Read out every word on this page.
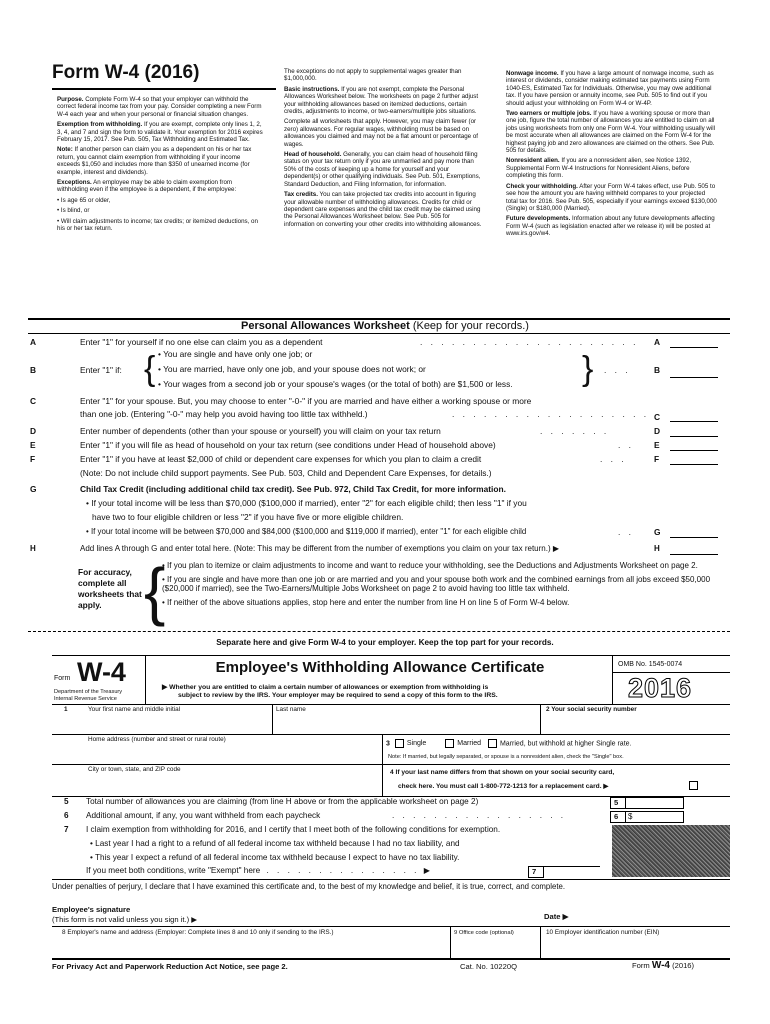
Form W-4 (2016)

Purpose. Complete Form W-4 so that your employer can withhold the correct federal income tax from your pay. Consider completing a new Form W-4 each year and when your personal or financial situation changes.

Exemption from withholding. If you are exempt, complete only lines 1, 2, 3, 4, and 7 and sign the form to validate it. Your exemption for 2016 expires February 15, 2017. See Pub. 505, Tax Withholding and Estimated Tax.

Note: If another person can claim you as a dependent on his or her tax return, you cannot claim exemption from withholding if your income exceeds $1,050 and includes more than $350 of unearned income (for example, interest and dividends).

Exceptions. An employee may be able to claim exemption from withholding even if the employee is a dependent, if the employee:

• Is age 65 or older,

• Is blind, or

• Will claim adjustments to income; tax credits; or itemized deductions, on his or her tax return.

The exceptions do not apply to supplemental wages greater than $1,000,000.

Basic instructions. If you are not exempt, complete the Personal Allowances Worksheet below. The worksheets on page 2 further adjust your withholding allowances based on itemized deductions, certain credits, adjustments to income, or two-earners/multiple jobs situations.

Complete all worksheets that apply. However, you may claim fewer (or zero) allowances. For regular wages, withholding must be based on allowances you claimed and may not be a flat amount or percentage of wages.

Head of household. Generally, you can claim head of household filing status on your tax return only if you are unmarried and pay more than 50% of the costs of keeping up a home for yourself and your dependent(s) or other qualifying individuals. See Pub. 501, Exemptions, Standard Deduction, and Filing Information, for information.

Tax credits. You can take projected tax credits into account in figuring your allowable number of withholding allowances. Credits for child or dependent care expenses and the child tax credit may be claimed using the Personal Allowances Worksheet below. See Pub. 505 for information on converting your other credits into withholding allowances.

Nonwage income. If you have a large amount of nonwage income, such as interest or dividends, consider making estimated tax payments using Form 1040-ES, Estimated Tax for Individuals. Otherwise, you may owe additional tax. If you have pension or annuity income, see Pub. 505 to find out if you should adjust your withholding on Form W-4 or W-4P.

Two earners or multiple jobs. If you have a working spouse or more than one job, figure the total number of allowances you are entitled to claim on all jobs using worksheets from only one Form W-4. Your withholding usually will be most accurate when all allowances are claimed on the Form W-4 for the highest paying job and zero allowances are claimed on the others. See Pub. 505 for details.

Nonresident alien. If you are a nonresident alien, see Notice 1392, Supplemental Form W-4 Instructions for Nonresident Aliens, before completing this form.

Check your withholding. After your Form W-4 takes effect, use Pub. 505 to see how the amount you are having withheld compares to your projected total tax for 2016. See Pub. 505, especially if your earnings exceed $130,000 (Single) or $180,000 (Married).

Future developments. Information about any future developments affecting Form W-4 (such as legislation enacted after we release it) will be posted at www.irs.gov/w4.

Personal Allowances Worksheet (Keep for your records.)
A	Enter "1" for yourself if no one else can claim you as a dependent	. . . . . . . . . . . . . . . . . . . . . A
B	Enter "1" if: { • You are single and have only one job; or
• You are married, have only one job, and your spouse does not work; or
• Your wages from a second job or your spouse's wages (or the total of both) are $1,500 or less. } . . .	B
C	Enter "1" for your spouse. But, you may choose to enter "-0-" if you are married and have either a working spouse or more
than one job. (Entering "-0-" may help you avoid having too little tax withheld.)	. . . . . . . . . . . . . . . . . . . C
D	Enter number of dependents (other than your spouse or yourself) you will claim on your tax return	. . . . . . .	D
E	Enter "1" if you will file as head of household on your tax return (see conditions under Head of household above)	. . E
F	Enter "1" if you have at least $2,000 of child or dependent care expenses for which you plan to claim a credit	. . .	F
(Note: Do not include child support payments. See Pub. 503, Child and Dependent Care Expenses, for details.)
G	Child Tax Credit (including additional child tax credit). See Pub. 972, Child Tax Credit, for more information.
• If your total income will be less than $70,000 ($100,000 if married), enter "2" for each eligible child; then less "1" if you
have two to four eligible children or less "2" if you have five or more eligible children.
• If your total income will be between $70,000 and $84,000 ($100,000 and $119,000 if married), enter "1" for each eligible child	. . G
H	Add lines A through G and enter total here. (Note: This may be different from the number of exemptions you claim on your tax return.) ▶	H
For accuracy, complete all worksheets that apply. {
• If you plan to itemize or claim adjustments to income and want to reduce your withholding, see the Deductions and Adjustments Worksheet on page 2.
• If you are single and have more than one job or are married and you and your spouse both work and the combined earnings from all jobs exceed $50,000 ($20,000 if married), see the Two-Earners/Multiple Jobs Worksheet on page 2 to avoid having too little tax withheld.
• If neither of the above situations applies, stop here and enter the number from line H on line 5 of Form W-4 below.
Separate here and give Form W-4 to your employer. Keep the top part for your records.
Form W-4
Department of the Treasury
Internal Revenue Service
Employee's Withholding Allowance Certificate
▶ Whether you are entitled to claim a certain number of allowances or exemption from withholding is
subject to review by the IRS. Your employer may be required to send a copy of this form to the IRS.
OMB No. 1545-0074
2016
1	Your first name and middle initial	Last name	2 Your social security number
Home address (number and street or rural route)
3 Single	Married	Married, but withhold at higher Single rate.
Note: If married, but legally separated, or spouse is a nonresident alien, check the "Single" box.
City or town, state, and ZIP code	4 If your last name differs from that shown on your social security card,
check here. You must call 1-800-772-1213 for a replacement card. ▶
5 Total number of allowances you are claiming (from line H above or from the applicable worksheet on page 2)	5
6 Additional amount, if any, you want withheld from each paycheck	. . . . . . . . . . . . . . . . .	6	$
7 I claim exemption from withholding for 2016, and I certify that I meet both of the following conditions for exemption.
• Last year I had a right to a refund of all federal income tax withheld because I had no tax liability, and
• This year I expect a refund of all federal income tax withheld because I expect to have no tax liability.
If you meet both conditions, write "Exempt" here . . . . . . . . . . . . . . . ▶	7
Under penalties of perjury, I declare that I have examined this certificate and, to the best of my knowledge and belief, it is true, correct, and complete.
Employee's signature
(This form is not valid unless you sign it.) ▶	Date ▶
8 Employer's name and address (Employer: Complete lines 8 and 10 only if sending to the IRS.)	9 Office code (optional)	10 Employer identification number (EIN)
For Privacy Act and Paperwork Reduction Act Notice, see page 2.	Cat. No. 10220Q	Form W-4 (2016)
